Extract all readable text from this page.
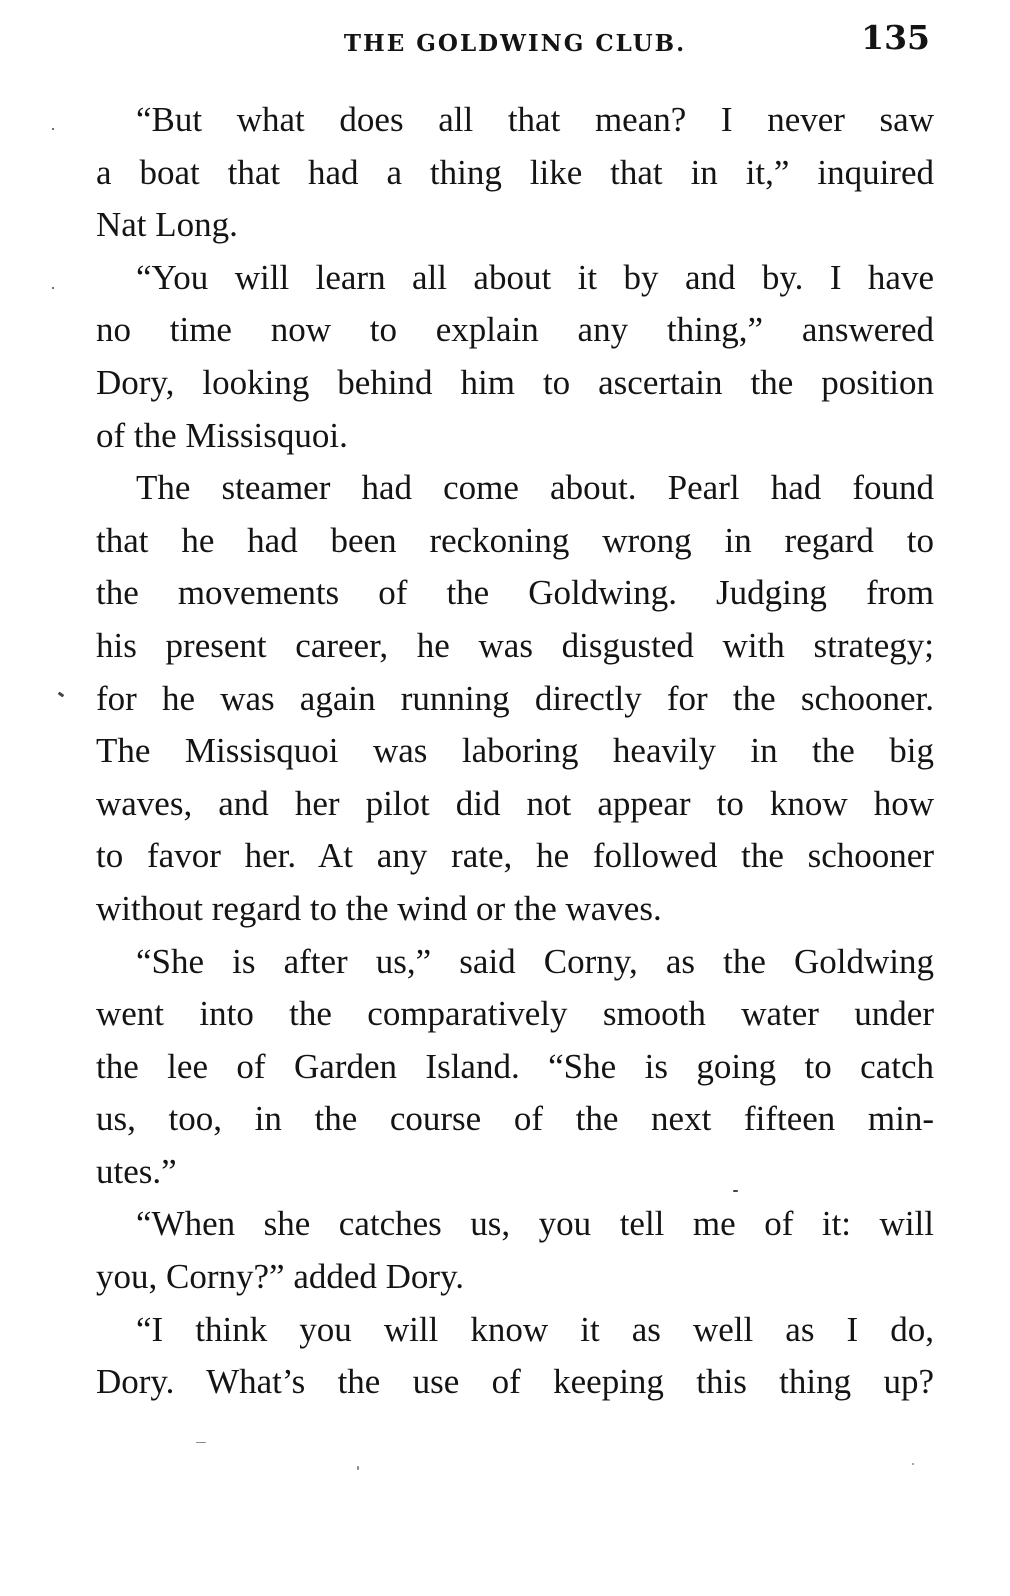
THE GOLDWING CLUB.	135
“But what does all that mean? I never saw
a boat that had a thing like that in it,” inquired
Nat Long.
“You will learn all about it by and by. I have
no time now to explain any thing,” answered
Dory, looking behind him to ascertain the position
of the Missisquoi.
The steamer had come about. Pearl had found
that he had been reckoning wrong in regard to
the movements of the Goldwing. Judging from
his present career, he was disgusted with strategy;
for he was again running directly for the schooner.
The Missisquoi was laboring heavily in the big
waves, and her pilot did not appear to know how
to favor her. At any rate, he followed the schooner
without regard to the wind or the waves.
“She is after us,” said Corny, as the Goldwing
went into the comparatively smooth water under
the lee of Garden Island. “She is going to catch
us, too, in the course of the next fifteen min-
utes.”
“When she catches us, you tell me of it: will
you, Corny?” added Dory.
“I think you will know it as well as I do,
Dory. What’s the use of keeping this thing up?
